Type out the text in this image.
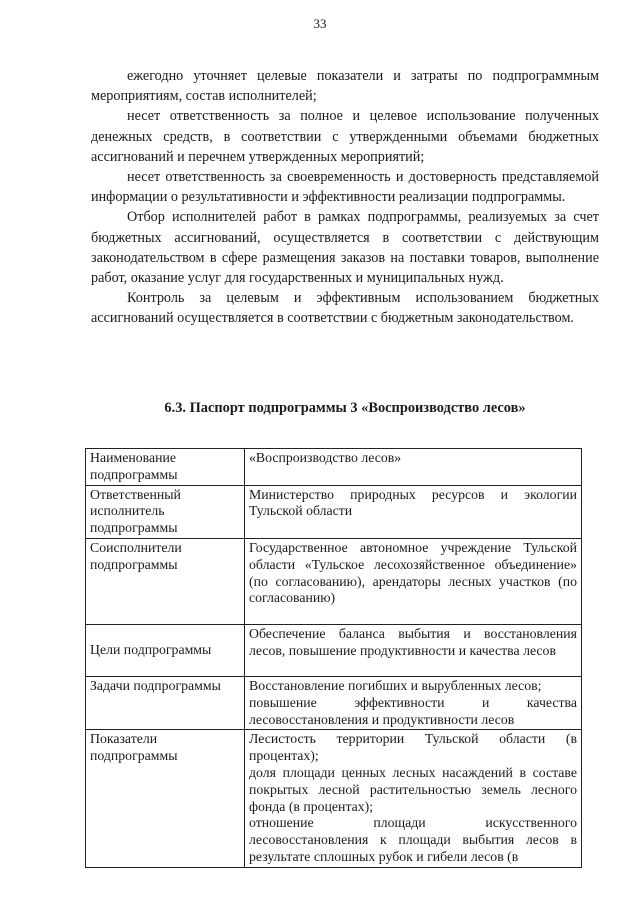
33

ежегодно уточняет целевые показатели и затраты по подпрограммным мероприятиям, состав исполнителей;

несет ответственность за полное и целевое использование полученных денежных средств, в соответствии с утвержденными объемами бюджетных ассигнований и перечнем утвержденных мероприятий;

несет ответственность за своевременность и достоверность представляемой информации о результативности и эффективности реализации подпрограммы.

Отбор исполнителей работ в рамках подпрограммы, реализуемых за счет бюджетных ассигнований, осуществляется в соответствии с действующим законодательством в сфере размещения заказов на поставки товаров, выполнение работ, оказание услуг для государственных и муниципальных нужд.

Контроль за целевым и эффективным использованием бюджетных ассигнований осуществляется в соответствии с бюджетным законодательством.

6.3. Паспорт подпрограммы 3 «Воспроизводство лесов»
Наименование подпрограммы	«Воспроизводство лесов»

Ответственный исполнитель подпрограммы	Министерство природных ресурсов и экологии Тульской области

Соисполнители подпрограммы	Государственное автономное учреждение Тульской области «Тульское лесохозяйственное объединение» (по согласованию), арендаторы лесных участков (по согласованию)

Цели подпрограммы	Обеспечение баланса выбытия и восстановления лесов, повышение продуктивности и качества лесов

Задачи подпрограммы	Восстановление погибших и вырубленных лесов;
повышение эффективности и качества лесовосстановления и продуктивности лесов

Показатели подпрограммы	Лесистость территории Тульской области (в процентах);
доля площади ценных лесных насаждений в составе покрытых лесной растительностью земель лесного фонда (в процентах);
отношение площади искусственного лесовосстановления к площади выбытия лесов в результате сплошных рубок и гибели лесов (в
